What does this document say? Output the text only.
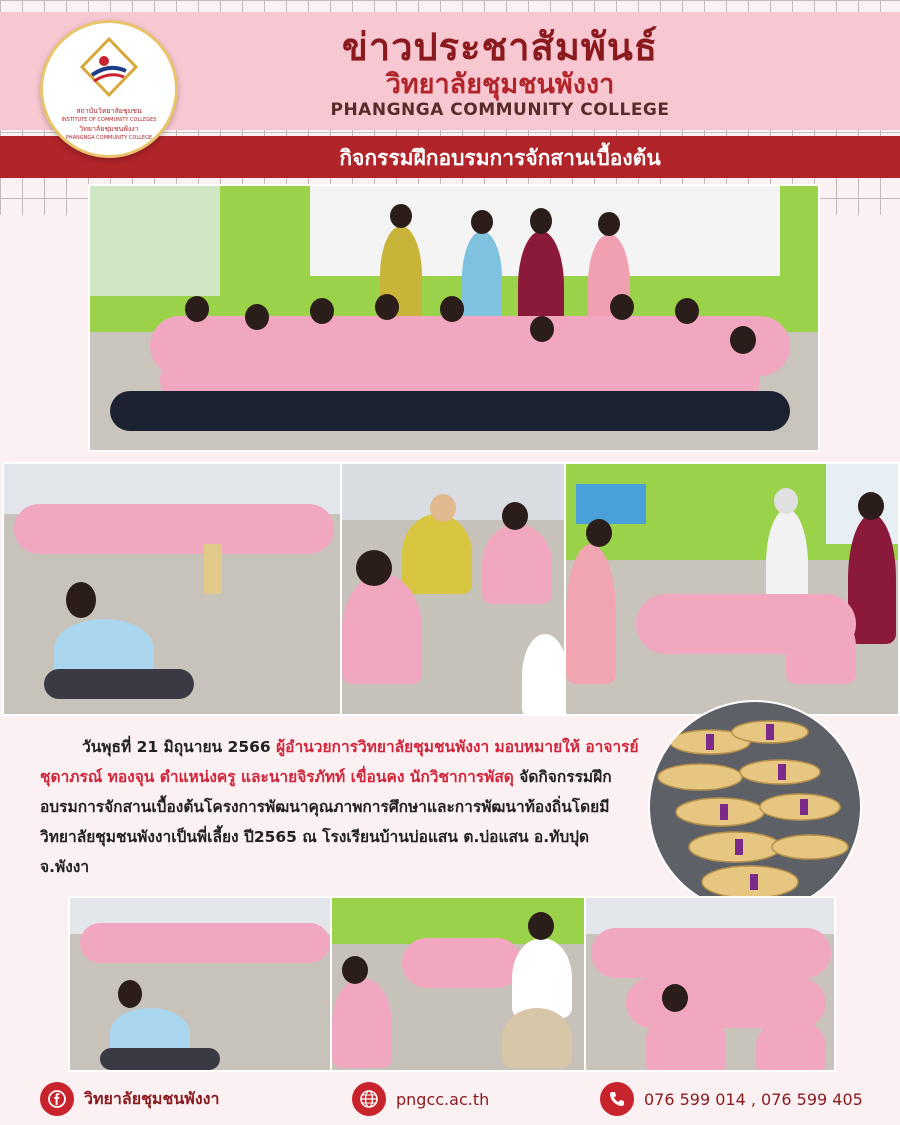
สถาบันวิทยาลัยชุมชน
INSTITUTE OF COMMUNITY COLLEGES
วิทยาลัยชุมชนพังงา
PHANGNGA COMMUNITY COLLEGE
ข่าวประชาสัมพันธ์
วิทยาลัยชุมชนพังงา
PHANGNGA COMMUNITY COLLEGE
กิจกรรมฝึกอบรมการจักสานเบื้องต้น
วันพุธที่ 21 มิถุนายน 2566 ผู้อำนวยการวิทยาลัยชุมชนพังงา มอบหมายให้ อาจารย์ชุดาภรณ์ ทองจุน ตำแหน่งครู และนายจิรภัทท์ เขื่อนคง นักวิชาการพัสดุ จัดกิจกรรมฝึกอบรมการจักสานเบื้องต้นโครงการพัฒนาคุณภาพการศึกษาและการพัฒนาท้องถิ่นโดยมีวิทยาลัยชุมชนพังงาเป็นพี่เลี้ยง ปี2565 ณ โรงเรียนบ้านบ่อแสน ต.บ่อแสน อ.ทับปุด จ.พังงา
วิทยาลัยชุมชนพังงา	pngcc.ac.th	076 599 014 , 076 599 405
